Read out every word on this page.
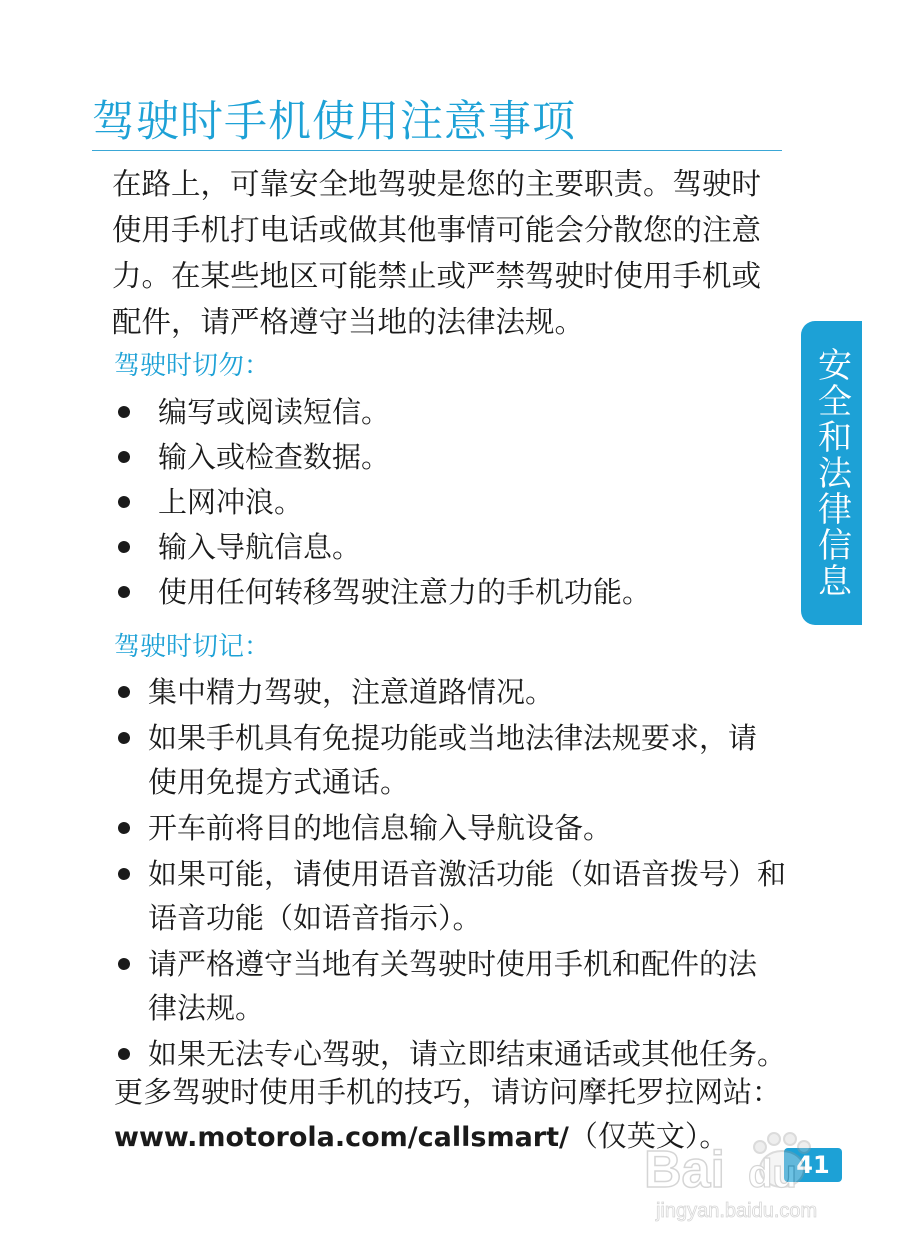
驾驶时手机使用注意事项

在路上，可靠安全地驾驶是您的主要职责。驾驶时

使用手机打电话或做其他事情可能会分散您的注意

力。在某些地区可能禁止或严禁驾驶时使用手机或

配件，请严格遵守当地的法律法规。

驾驶时切勿：
编写或阅读短信。
输入或检查数据。
上网冲浪。
输入导航信息。
使用任何转移驾驶注意力的手机功能。
驾驶时切记：
集中精力驾驶，注意道路情况。
如果手机具有免提功能或当地法律法规要求，请
使用免提方式通话。
开车前将目的地信息输入导航设备。
如果可能，请使用语音激活功能（如语音拨号）和
语音功能（如语音指示）。
请严格遵守当地有关驾驶时使用手机和配件的法
律法规。
如果无法专心驾驶，请立即结束通话或其他任务。
更多驾驶时使用手机的技巧，请访问摩托罗拉网站：
www.motorola.com/callsmart/（仅英文）。
安全和法律信息
41
Bai du
jingyan.baidu.com
